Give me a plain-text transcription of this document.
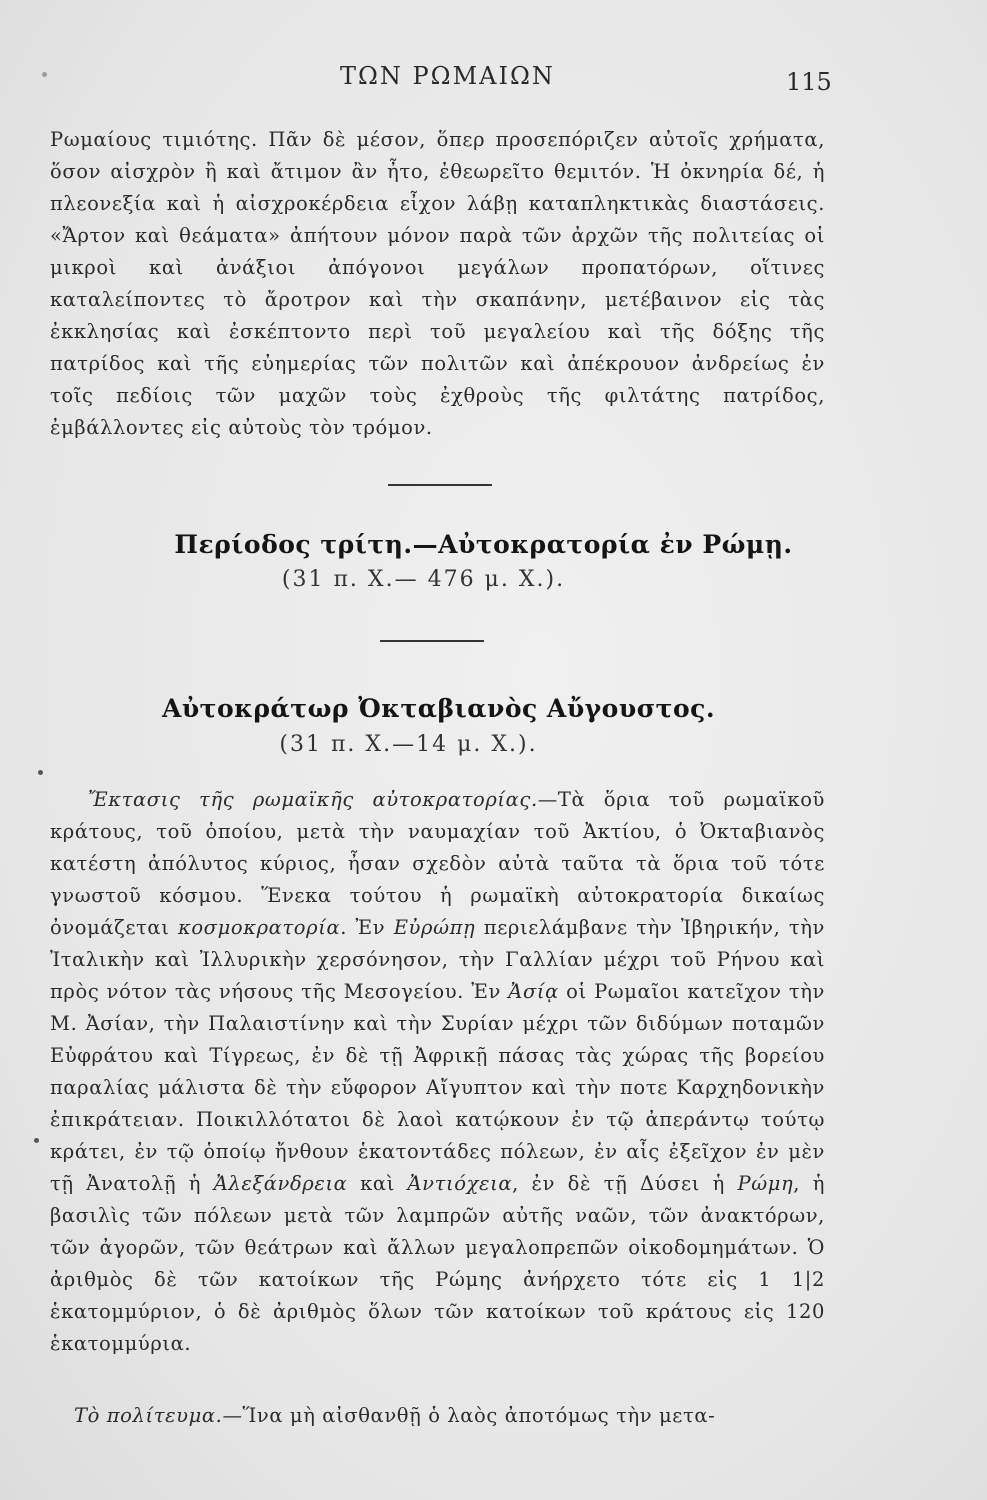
ΤΩΝ ΡΩΜΑΙΩΝ	115
Ρωμαίους τιμιότης. Πᾶν δὲ μέσον, ὅπερ προσεπόριζεν αὐτοῖς χρήματα, ὅσον αἰσχρὸν ἢ καὶ ἄτιμον ἂν ἦτο, ἐθεωρεῖτο θεμιτόν. Ἡ ὀκνηρία δέ, ἡ πλεονεξία καὶ ἡ αἰσχροκέρδεια εἶχον λάβῃ καταπληκτικὰς διαστάσεις. «Ἄρτον καὶ θεάματα» ἀπήτουν μόνον παρὰ τῶν ἀρχῶν τῆς πολιτείας οἱ μικροὶ καὶ ἀνάξιοι ἀπόγονοι μεγάλων προπατόρων, οἵτινες καταλείποντες τὸ ἄροτρον καὶ τὴν σκαπάνην, μετέβαινον εἰς τὰς ἐκκλησίας καὶ ἐσκέπτοντο περὶ τοῦ μεγαλείου καὶ τῆς δόξης τῆς πατρίδος καὶ τῆς εὐημερίας τῶν πολιτῶν καὶ ἀπέκρουον ἀνδρείως ἐν τοῖς πεδίοις τῶν μαχῶν τοὺς ἐχθροὺς τῆς φιλτάτης πατρίδος, ἐμβάλλοντες εἰς αὐτοὺς τὸν τρόμον.
Περίοδος τρίτη.—Αὐτοκρατορία ἐν Ρώμῃ.
(31 π. Χ.— 476 μ. Χ.).
Αὐτοκράτωρ Ὀκταβιανὸς Αὔγουστος.
(31 π. Χ.—14 μ. Χ.).
Ἔκτασις τῆς ρωμαϊκῆς αὐτοκρατορίας.—Τὰ ὅρια τοῦ ρωμαϊκοῦ κράτους, τοῦ ὁποίου, μετὰ τὴν ναυμαχίαν τοῦ Ἀκτίου, ὁ Ὀκταβιανὸς κατέστη ἀπόλυτος κύριος, ἦσαν σχεδὸν αὐτὰ ταῦτα τὰ ὅρια τοῦ τότε γνωστοῦ κόσμου. Ἕνεκα τούτου ἡ ρωμαϊκὴ αὐτοκρατορία δικαίως ὀνομάζεται κοσμοκρατορία. Ἐν Εὐρώπῃ περιελάμβανε τὴν Ἰβηρικήν, τὴν Ἰταλικὴν καὶ Ἰλλυρικὴν χερσόνησον, τὴν Γαλλίαν μέχρι τοῦ Ρήνου καὶ πρὸς νότον τὰς νήσους τῆς Μεσογείου. Ἐν Ἀσίᾳ οἱ Ρωμαῖοι κατεῖχον τὴν Μ. Ἀσίαν, τὴν Παλαιστίνην καὶ τὴν Συρίαν μέχρι τῶν διδύμων ποταμῶν Εὐφράτου καὶ Τίγρεως, ἐν δὲ τῇ Ἀφρικῇ πάσας τὰς χώρας τῆς βορείου παραλίας μάλιστα δὲ τὴν εὔφορον Αἴγυπτον καὶ τὴν ποτε Καρχηδονικὴν ἐπικράτειαν. Ποικιλλότατοι δὲ λαοὶ κατῴκουν ἐν τῷ ἀπεράντῳ τούτῳ κράτει, ἐν τῷ ὁποίῳ ἤνθουν ἑκατοντάδες πόλεων, ἐν αἷς ἐξεῖχον ἐν μὲν τῇ Ἀνατολῇ ἡ Ἀλεξάνδρεια καὶ Ἀντιόχεια, ἐν δὲ τῇ Δύσει ἡ Ρώμη, ἡ βασιλὶς τῶν πόλεων μετὰ τῶν λαμπρῶν αὐτῆς ναῶν, τῶν ἀνακτόρων, τῶν ἀγορῶν, τῶν θεάτρων καὶ ἄλλων μεγαλοπρεπῶν οἰκοδομημάτων. Ὁ ἀριθμὸς δὲ τῶν κατοίκων τῆς Ρώμης ἀνήρχετο τότε εἰς 1 1|2 ἑκατομμύριον, ὁ δὲ ἀριθμὸς ὅλων τῶν κατοίκων τοῦ κράτους εἰς 120 ἑκατομμύρια.
Τὸ πολίτευμα.—Ἵνα μὴ αἰσθανθῇ ὁ λαὸς ἀποτόμως τὴν μετα-
